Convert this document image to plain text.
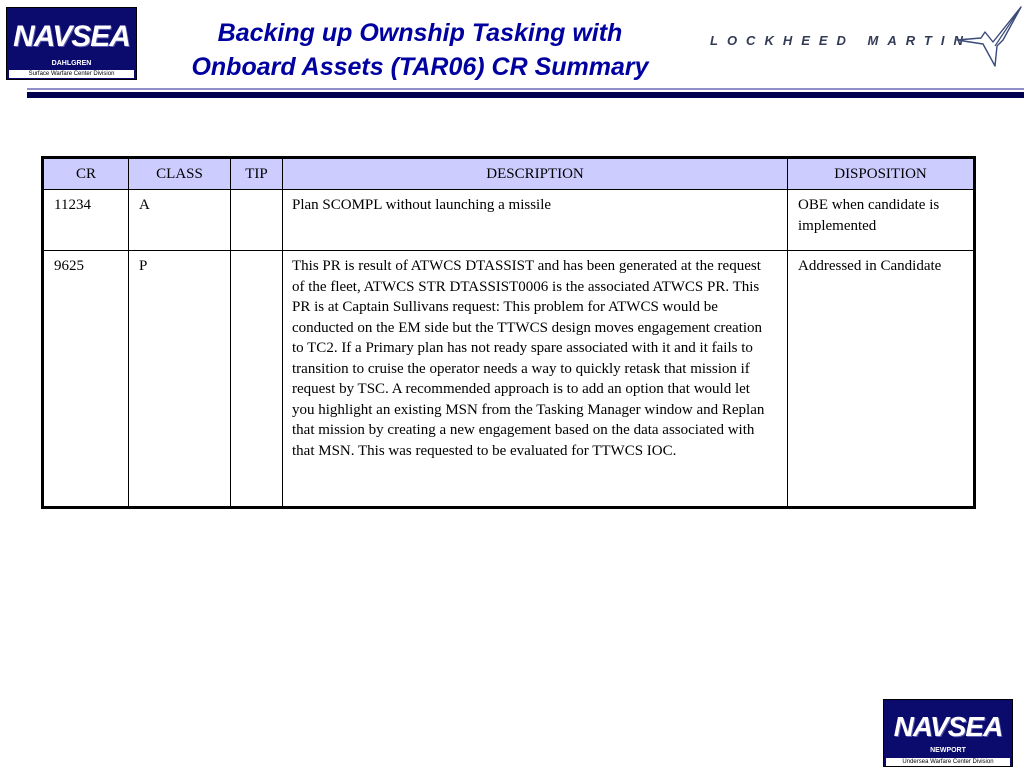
NAVSEA
DAHLGREN
Surface Warfare Center Division
Backing up Ownship Tasking with
Onboard Assets (TAR06) CR Summary
LOCKHEED MARTIN
CR	CLASS	TIP	DESCRIPTION	DISPOSITION
11234	A		Plan SCOMPL without launching a missile	OBE when candidate is implemented
9625	P		This PR is result of ATWCS DTASSIST and has been generated at the request of the fleet, ATWCS STR DTASSIST0006 is the associated ATWCS PR. This PR is at Captain Sullivans request: This problem for ATWCS would be conducted on the EM side but the TTWCS design moves engagement creation to TC2. If a Primary plan has not ready spare associated with it and it fails to transition to cruise the operator needs a way to quickly retask that mission if request by TSC. A recommended approach is to add an option that would let you highlight an existing MSN from the Tasking Manager window and Replan that mission by creating a new engagement based on the data associated with that MSN. This was requested to be evaluated for TTWCS IOC.	Addressed in Candidate
NAVSEA
NEWPORT
Undersea Warfare Center Division
